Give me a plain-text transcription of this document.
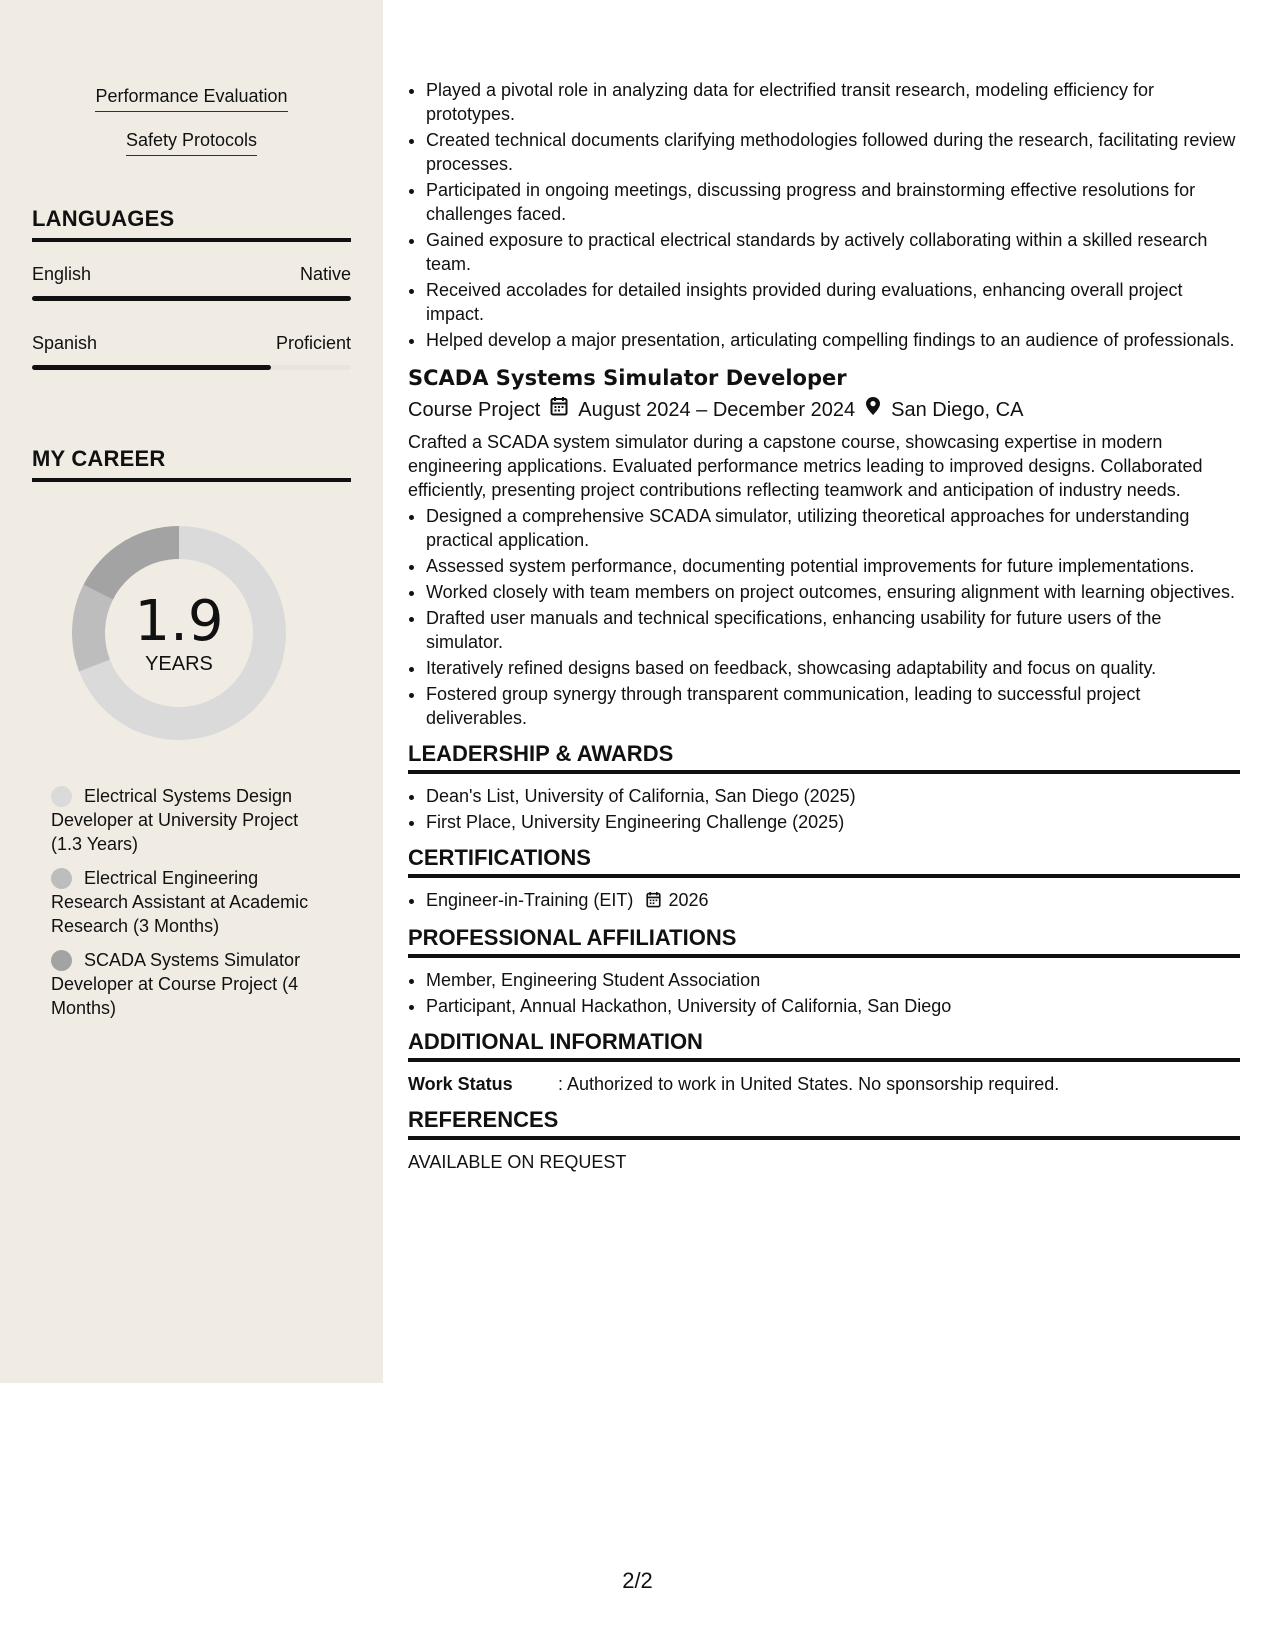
Performance Evaluation
Safety Protocols
LANGUAGES
English	Native
Spanish	Proficient
MY CAREER
1.9
YEARS
Electrical Systems Design Developer at University Project (1.3 Years)
Electrical Engineering Research Assistant at Academic Research (3 Months)
SCADA Systems Simulator Developer at Course Project (4 Months)
• Played a pivotal role in analyzing data for electrified transit research, modeling efficiency for prototypes.
• Created technical documents clarifying methodologies followed during the research, facilitating review processes.
• Participated in ongoing meetings, discussing progress and brainstorming effective resolutions for challenges faced.
• Gained exposure to practical electrical standards by actively collaborating within a skilled research team.
• Received accolades for detailed insights provided during evaluations, enhancing overall project impact.
• Helped develop a major presentation, articulating compelling findings to an audience of professionals.
SCADA Systems Simulator Developer
Course Project August 2024 – December 2024 San Diego, CA

Crafted a SCADA system simulator during a capstone course, showcasing expertise in modern engineering applications. Evaluated performance metrics leading to improved designs. Collaborated efficiently, presenting project contributions reflecting teamwork and anticipation of industry needs.

• Designed a comprehensive SCADA simulator, utilizing theoretical approaches for understanding practical application.
• Assessed system performance, documenting potential improvements for future implementations.
• Worked closely with team members on project outcomes, ensuring alignment with learning objectives.
• Drafted user manuals and technical specifications, enhancing usability for future users of the simulator.
• Iteratively refined designs based on feedback, showcasing adaptability and focus on quality.
• Fostered group synergy through transparent communication, leading to successful project deliverables.
LEADERSHIP & AWARDS
• Dean's List, University of California, San Diego (2025)
• First Place, University Engineering Challenge (2025)
CERTIFICATIONS
• Engineer-in-Training (EIT) 2026
PROFESSIONAL AFFILIATIONS
• Member, Engineering Student Association
• Participant, Annual Hackathon, University of California, San Diego
ADDITIONAL INFORMATION
Work Status	: Authorized to work in United States. No sponsorship required.
REFERENCES
AVAILABLE ON REQUEST
2/2
